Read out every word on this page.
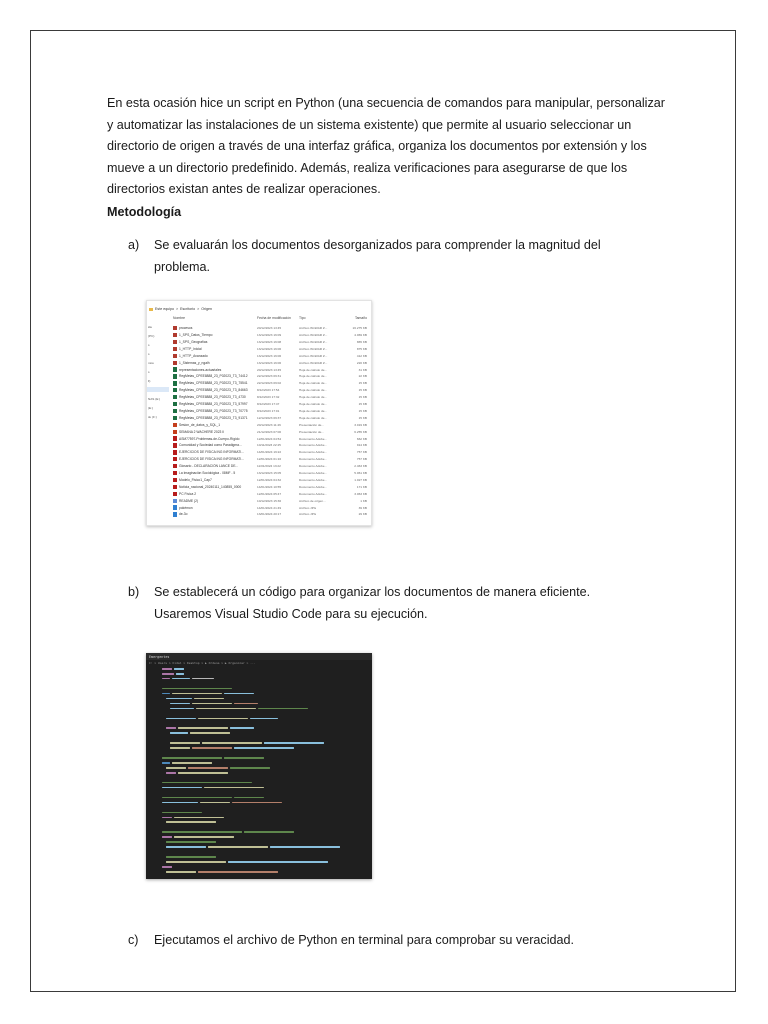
En esta ocasión hice un script en Python (una secuencia de comandos para manipular, personalizar y automatizar las instalaciones de un sistema existente) que permite al usuario seleccionar un directorio de origen a través de una interfaz gráfica, organiza los documentos por extensión y los mueve a un directorio predefinido. Además, realiza verificaciones para asegurarse de que los directorios existan antes de realizar operaciones.
Metodología
a) Se evaluarán los documentos desorganizados para comprender la magnitud del
problema.
Este equipo > Escritorio > Origen
Nombre	Fecha de modificación Tipo	Tamaño
ide
(PC)
s
s
ntos
s
ll)
NAS (E:)
(E:)
sk (F:)
procesos	20/12/2023 13:45	Archivo WinRAR Z...	16.275 KB
1_SPS_Datos_Tiempo	13/12/2023 16:09	Archivo WinRAR Z...	4.069 KB
1_SPS_Geografías	13/12/2023 16:08	Archivo WinRAR Z...	865 KB
1_HTTP_Inicial	13/12/2023 16:06	Archivo WinRAR Z...	875 KB
1_HTTP_Avanzado	13/12/2023 16:06	Archivo WinRAR Z...	412 KB
1_Sistemas_y_ngalh	13/12/2023 16:06	Archivo WinRAR Z...	220 KB
representaciones-actuariales	20/12/2023 13:45	Hoja de cálculo de...	31 KB
RegMetas_CPEE8888_23_P02023_T3_74412	22/12/2023 09:31	Hoja de cálculo de...	22 KB
RegMetas_CPEE8888_23_P02023_T3_75541	22/12/2023 09:02	Hoja de cálculo de...	15 KB
RegMetas_CPEE8888_23_P02023_T3_84663	8/12/2023 17:54	Hoja de cálculo de...	15 KB
RegMetas_CPEE8888_23_P02023_T3_4730	8/12/2023 17:32	Hoja de cálculo de...	15 KB
RegMetas_CPEE8888_23_P02023_T3_57997	8/12/2023 17:47	Hoja de cálculo de...	15 KB
RegMetas_CPEE8888_23_P02023_T3_70775	8/12/2023 17:01	Hoja de cálculo de...	15 KB
RegMetas_CPEE8888_23_P02023_T3_91371	12/12/2023 09:37	Hoja de cálculo de...	15 KB
Sesion_de_datos_y_SQL_1	20/12/2023 11:46	Presentación de...	3.019 KB
SEMANA 2 WACHERE 2023 II	21/12/2023 07:00	Presentación de...	6.255 KB
ASM77597-Problemas-de-Cuerpo-Rígido	12/01/2024 04:54	Documento Adobe...	662 KB
Comunidad y Sociedad como Paradigma...	10/11/2023 22:45	Documento Adobe...	914 KB
EJERCICIOS DE FISICA ING INFORMATI...	14/01/2024 19:22	Documento Adobe...	757 KB
EJERCICIOS DE FISICA ING INFORMATI...	12/01/2024 01:16	Documento Adobe...	757 KB
Glosario - DECLARACIÓN LANCE DE...	11/01/2024 13:22	Documento Adobe...	2.463 KB
La Imaginación Sociológica - 08MF - 5	13/12/2023 15:05	Documento Adobe...	5.061 KB
Modelo_Fisico1_Cap7	12/01/2024 04:32	Documento Adobe...	1.027 KB
Noticia_nacional_20240111_140855_0000	14/01/2024 10:55	Documento Adobe...	171 KB
PC Física 2	12/01/2024 05:47	Documento Adobe...	3.063 KB
README (2)	10/12/2023 15:36	Archivo de origen...	1 KB
pokémon	14/01/2024 21:49	Archivo JPG	39 KB
de-3o	13/01/2024 20:17	Archivo JPG	29 KB
b) Se establecerá un código para organizar los documentos de manera eficiente.
Usaremos Visual Studio Code para su ejecución.
Emergentes
C: > Users > hidal > Desktop > ▶ Ordena > ▶ Organizar > ...
c) Ejecutamos el archivo de Python en terminal para comprobar su veracidad.
